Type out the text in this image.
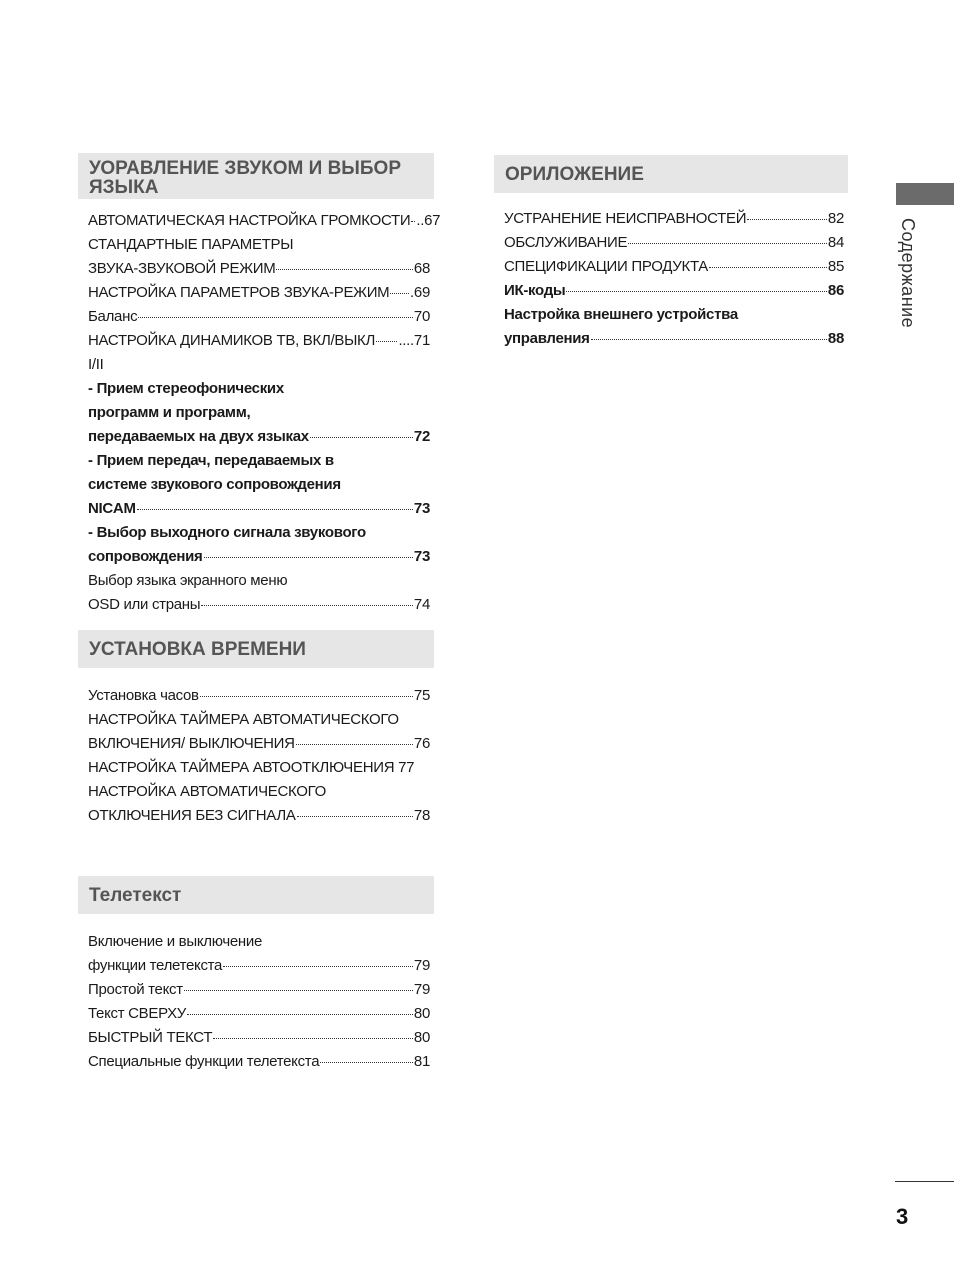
УОРАВЛЕНИЕ ЗВУКОМ И ВЫБОР ЯЗЫКА
АВТОМАТИЧЕСКАЯ НАСТРОЙКА ГРОМКОСТИ ..67
СТАНДАРТНЫЕ ПАРАМЕТРЫ
ЗВУКА-ЗВУКОВОЙ РЕЖИМ	68
НАСТРОЙКА ПАРАМЕТРОВ ЗВУКА-РЕЖИМ .69
Баланс	70
НАСТРОЙКА ДИНАМИКОВ ТВ, ВКЛ/ВЫКЛ ....71
I/II
- Прием стереофонических
программ и программ,
передаваемых на двух языках	72
- Прием передач, передаваемых в
системе звукового сопровождения
NICAM	73
- Выбор выходного сигнала звукового
сопровождения	73
Выбор языка экранного меню
OSD или страны	74
УСТАНОВКА ВРЕМЕНИ
Установка часов	75
НАСТРОЙКА ТАЙМЕРА АВТОМАТИЧЕСКОГО
ВКЛЮЧЕНИЯ/ ВЫКЛЮЧЕНИЯ	76
НАСТРОЙКА ТАЙМЕРА АВТООТКЛЮЧЕНИЯ 77
НАСТРОЙКА АВТОМАТИЧЕСКОГО
ОТКЛЮЧЕНИЯ БЕЗ СИГНАЛА	78
Телетекст
Включение и выключение
функции телетекста	79
Простой текст	79
Текст СВЕРХУ	80
БЫСТРЫЙ ТЕКСТ	80
Специальные функции телетекста	81
ОРИЛОЖЕНИЕ
УСТРАНЕНИЕ НЕИСПРАВНОСТЕЙ	82
ОБСЛУЖИВАНИЕ	84
СПЕЦИФИКАЦИИ ПРОДУКТА	85
ИК-коды	86
Настройка внешнего устройства
управления	88
Содержание
3
